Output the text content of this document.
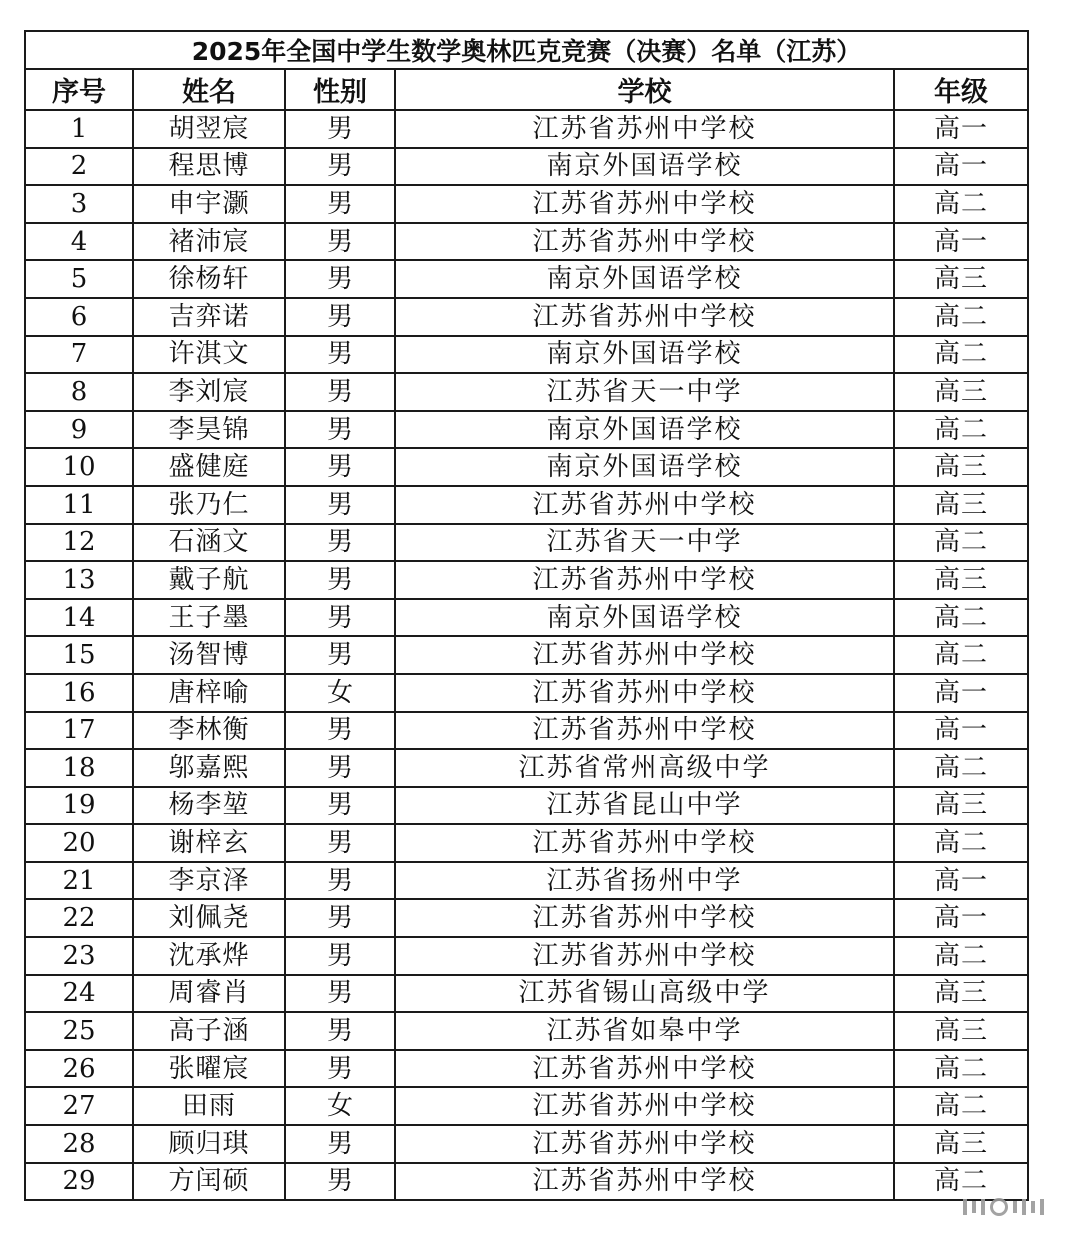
2025年全国中学生数学奥林匹克竞赛（决赛）名单（江苏）				
序号	姓名	性别	学校	年级
1	胡翌宸	男	江苏省苏州中学校	高一
2	程思博	男	南京外国语学校	高一
3	申宇灏	男	江苏省苏州中学校	高二
4	褚沛宸	男	江苏省苏州中学校	高一
5	徐杨轩	男	南京外国语学校	高三
6	吉弈诺	男	江苏省苏州中学校	高二
7	许淇文	男	南京外国语学校	高二
8	李刘宸	男	江苏省天一中学	高三
9	李昊锦	男	南京外国语学校	高二
10	盛健庭	男	南京外国语学校	高三
11	张乃仁	男	江苏省苏州中学校	高三
12	石涵文	男	江苏省天一中学	高二
13	戴子航	男	江苏省苏州中学校	高三
14	王子墨	男	南京外国语学校	高二
15	汤智博	男	江苏省苏州中学校	高二
16	唐梓喻	女	江苏省苏州中学校	高一
17	李林衡	男	江苏省苏州中学校	高一
18	邬嘉熙	男	江苏省常州高级中学	高二
19	杨李堃	男	江苏省昆山中学	高三
20	谢梓玄	男	江苏省苏州中学校	高二
21	李京泽	男	江苏省扬州中学	高一
22	刘佩尧	男	江苏省苏州中学校	高一
23	沈承烨	男	江苏省苏州中学校	高二
24	周睿肖	男	江苏省锡山高级中学	高三
25	高子涵	男	江苏省如皋中学	高三
26	张曜宸	男	江苏省苏州中学校	高二
27	田雨	女	江苏省苏州中学校	高二
28	顾归琪	男	江苏省苏州中学校	高三
29	方闰硕	男	江苏省苏州中学校	高二
